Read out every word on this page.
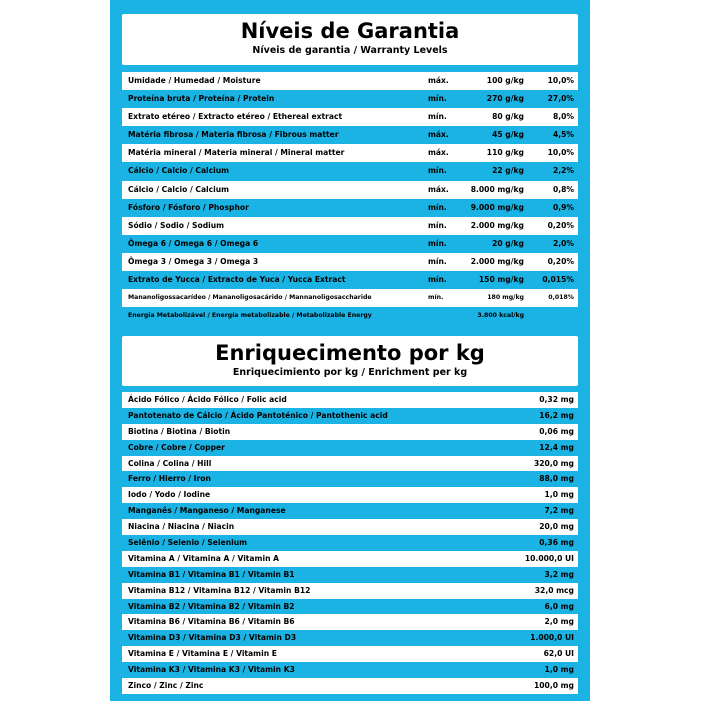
Níveis de Garantia
Níveis de garantia / Warranty Levels
Umidade / Humedad / Moisture	máx.	100 g/kg	10,0%
Proteína bruta / Proteína / Protein	mín.	270 g/kg	27,0%
Extrato etéreo / Extracto etéreo / Ethereal extract	mín.	80 g/kg	8,0%
Matéria fibrosa / Materia fibrosa / Fibrous matter	máx.	45 g/kg	4,5%
Matéria mineral / Materia mineral / Mineral matter	máx.	110 g/kg	10,0%
Cálcio / Calcio / Calcium	mín.	22 g/kg	2,2%
Cálcio / Calcio / Calcium	máx.	8.000 mg/kg	0,8%
Fósforo / Fósforo / Phosphor	mín.	9.000 mg/kg	0,9%
Sódio / Sodio / Sodium	mín.	2.000 mg/kg	0,20%
Ômega 6 / Omega 6 / Omega 6	mín.	20 g/kg	2,0%
Ômega 3 / Omega 3 / Omega 3	mín.	2.000 mg/kg	0,20%
Extrato de Yucca / Extracto de Yuca / Yucca Extract	mín.	150 mg/kg 0,015%
Mananoligossacarídeo / Mananoligosacárido / Mannanoligosaccharide	mín.	180 mg/kg	0,018%
Energia Metabolizável / Energía metabolizable / Metabolizable Energy	3.800 kcal/kg
Enriquecimento por kg
Enriquecimiento por kg / Enrichment per kg
Ácido Fólico / Ácido Fólico / Folic acid	0,32 mg
Pantotenato de Cálcio / Ácido Pantoténico / Pantothenic acid	16,2 mg
Biotina / Biotina / Biotin	0,06 mg
Cobre / Cobre / Copper	12,4 mg
Colina / Colina / Hill	320,0 mg
Ferro / Hierro / Iron	88,0 mg
Iodo / Yodo / Iodine	1,0 mg
Manganês / Manganeso / Manganese	7,2 mg
Niacina / Niacina / Niacin	20,0 mg
Selênio / Selenio / Selenium	0,36 mg
Vitamina A / Vitamina A / Vitamin A	10.000,0 UI
Vitamina B1 / Vitamina B1 / Vitamin B1	3,2 mg
Vitamina B12 / Vitamina B12 / Vitamin B12	32,0 mcg
Vitamina B2 / Vitamina B2 / Vitamin B2	6,0 mg
Vitamina B6 / Vitamina B6 / Vitamin B6	2,0 mg
Vitamina D3 / Vitamina D3 / Vitamin D3	1.000,0 UI
Vitamina E / Vitamina E / Vitamin E	62,0 UI
Vitamina K3 / Vitamina K3 / Vitamin K3	1,0 mg
Zinco / Zinc / Zinc	100,0 mg
